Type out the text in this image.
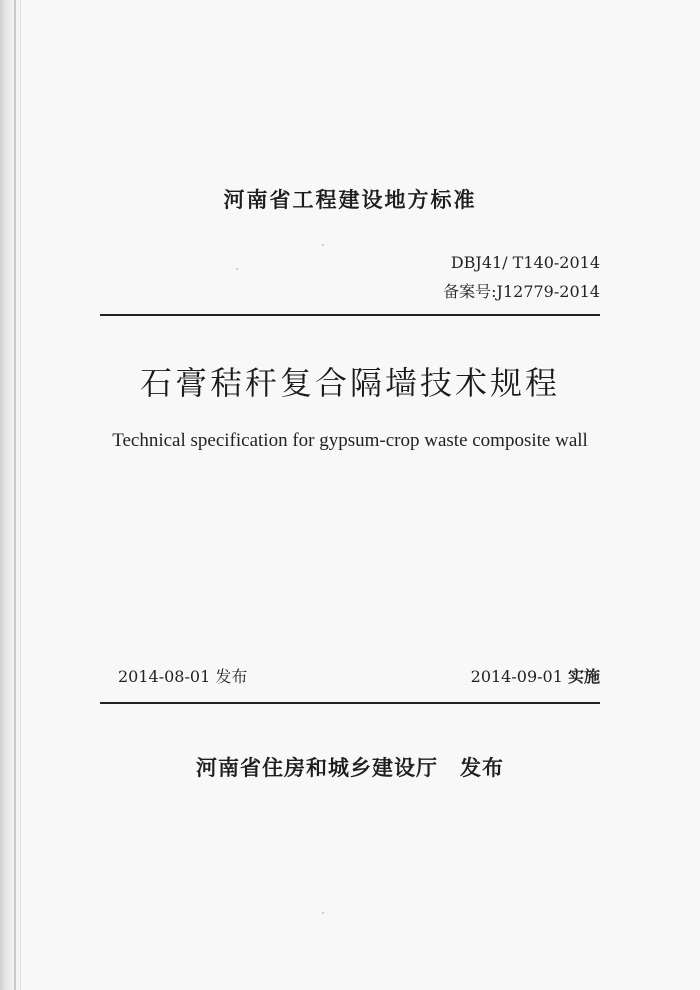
河南省工程建设地方标准
DBJ41/ T140-2014
备案号:J12779-2014
石膏秸秆复合隔墙技术规程
Technical specification for gypsum-crop waste composite wall
2014-08-01 发布	2014-09-01 实施
河南省住房和城乡建设厅 发布
